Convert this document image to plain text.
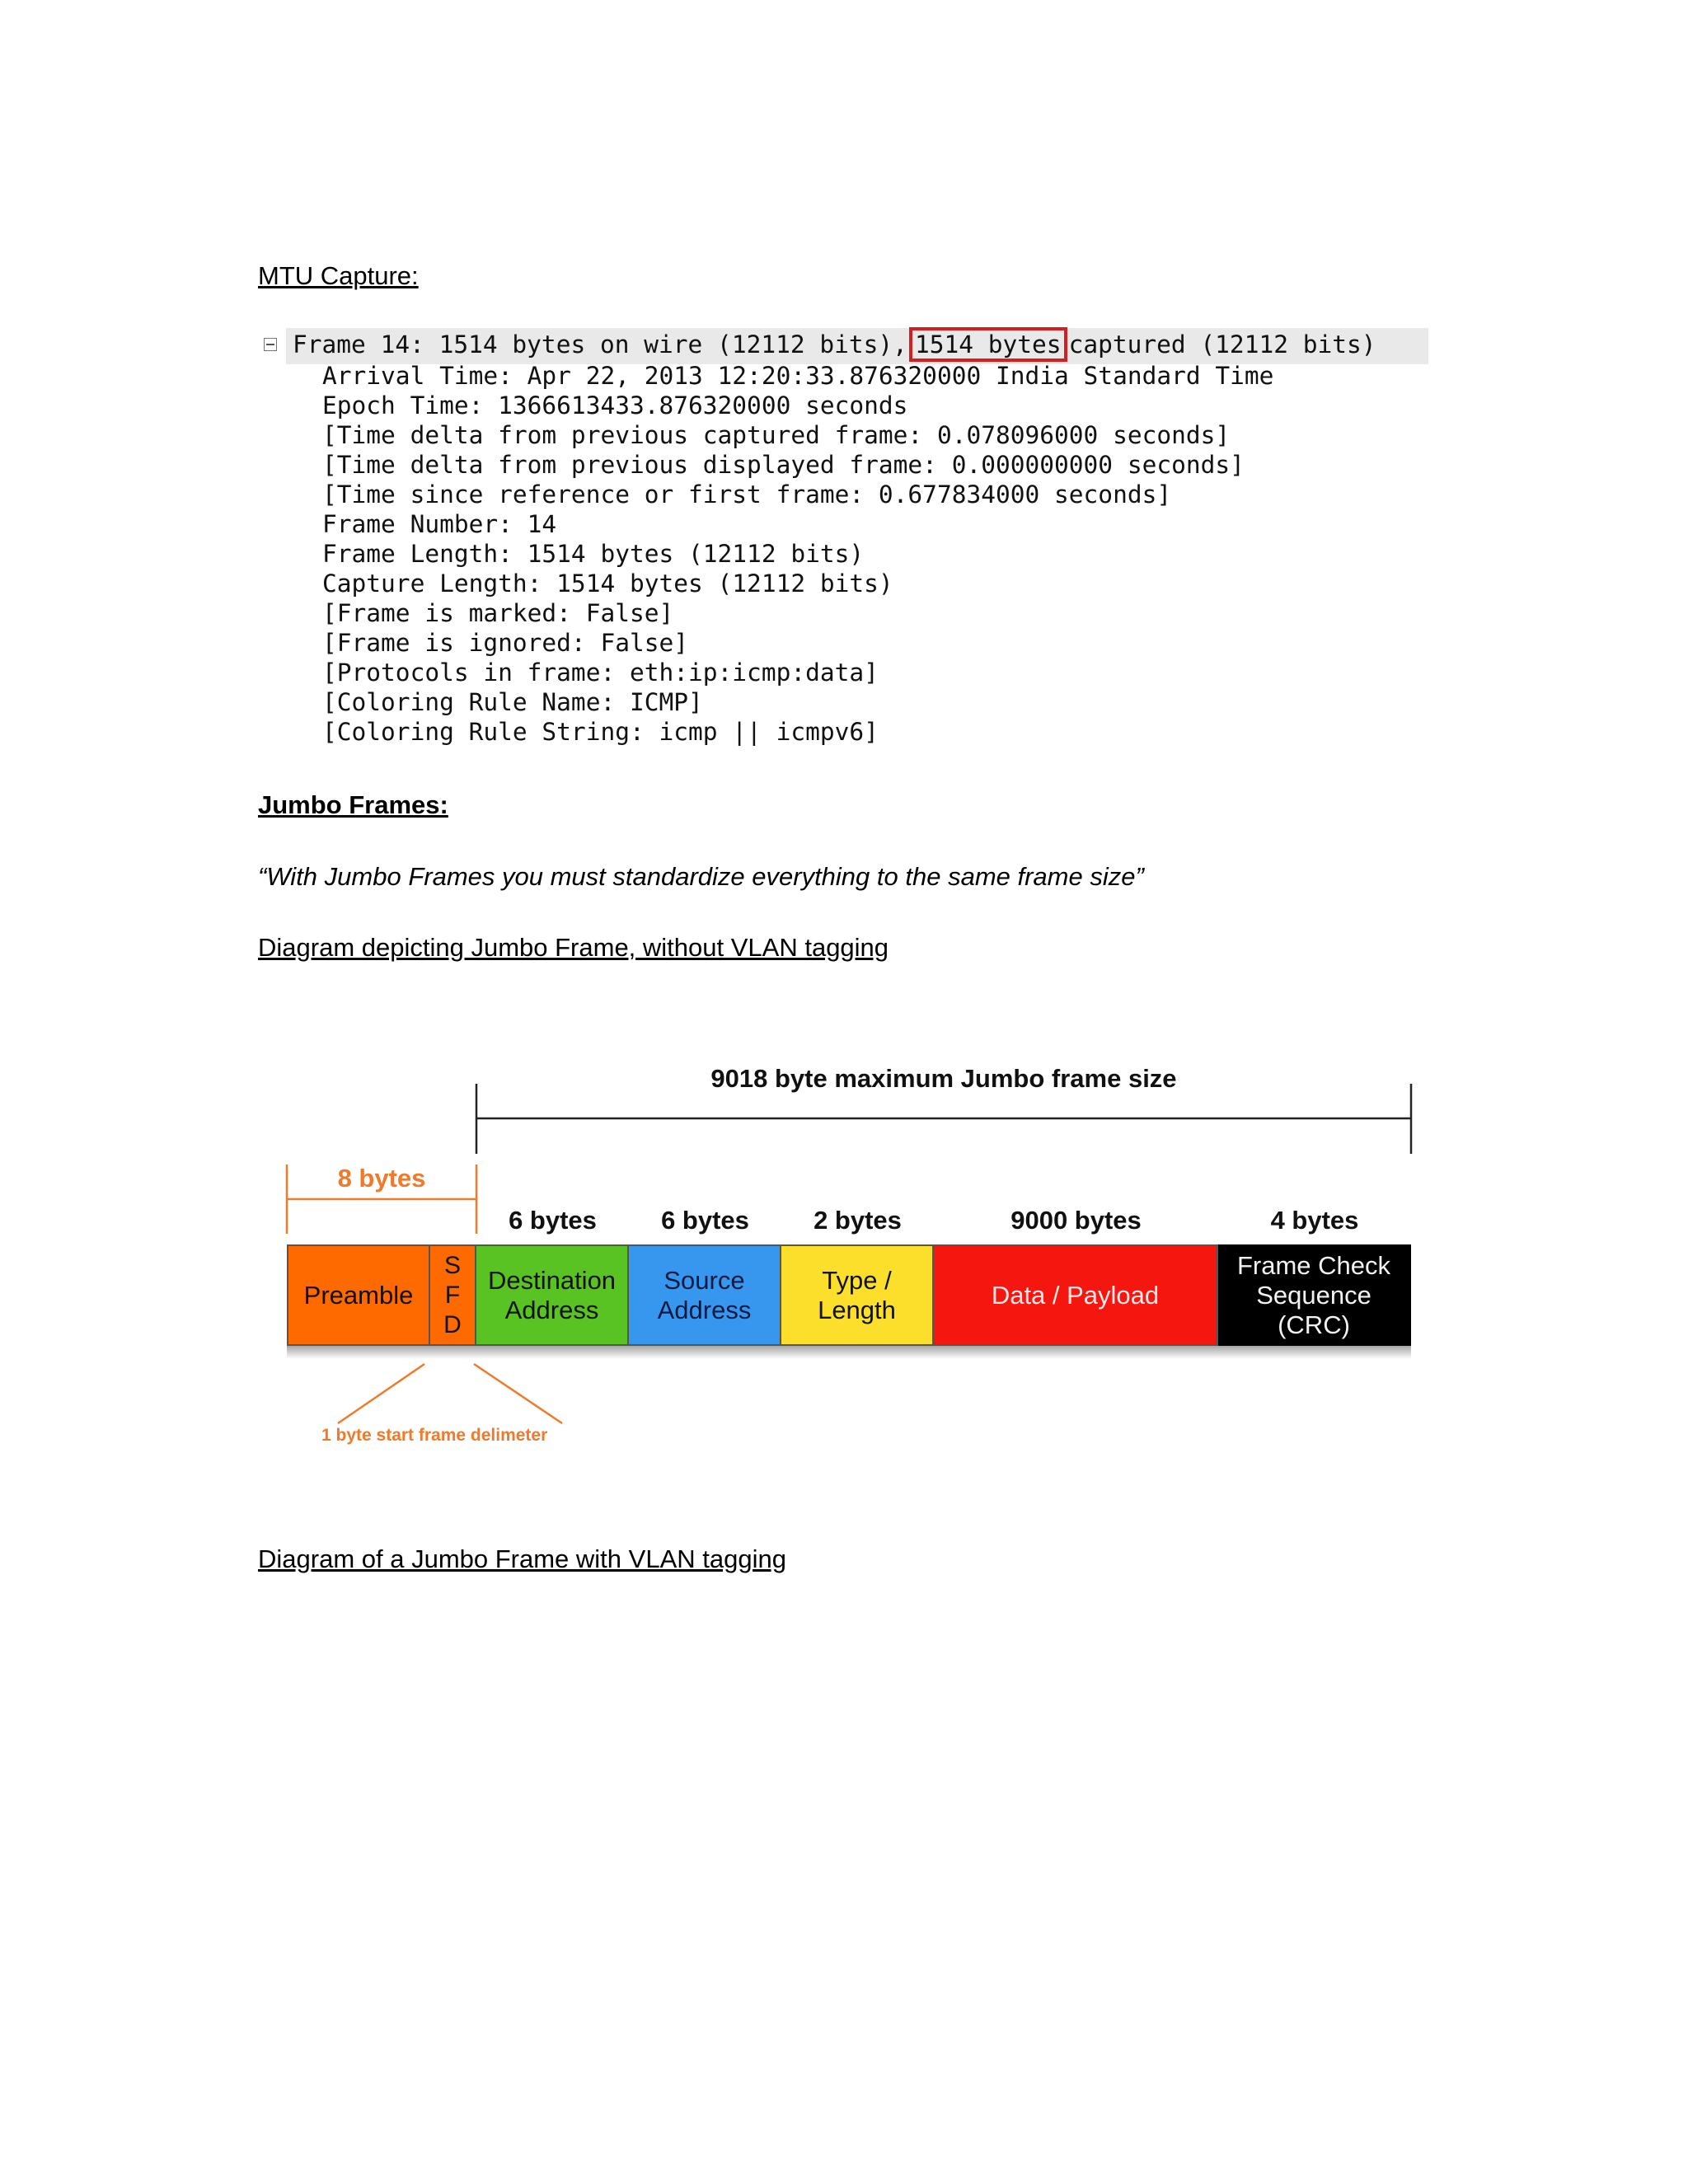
MTU Capture:
Frame 14: 1514 bytes on wire (12112 bits), 1514 bytes captured (12112 bits)
Arrival Time: Apr 22, 2013 12:20:33.876320000 India Standard Time
Epoch Time: 1366613433.876320000 seconds
[Time delta from previous captured frame: 0.078096000 seconds]
[Time delta from previous displayed frame: 0.000000000 seconds]
[Time since reference or first frame: 0.677834000 seconds]
Frame Number: 14
Frame Length: 1514 bytes (12112 bits)
Capture Length: 1514 bytes (12112 bits)
[Frame is marked: False]
[Frame is ignored: False]
[Protocols in frame: eth:ip:icmp:data]
[Coloring Rule Name: ICMP]
[Coloring Rule String: icmp || icmpv6]
Jumbo Frames:
“With Jumbo Frames you must standardize everything to the same frame size”
Diagram depicting Jumbo Frame, without VLAN tagging
9018 byte maximum Jumbo frame size
8 bytes
6 bytes	6 bytes	2 bytes	9000 bytes	4 bytes
Preamble
S F D
Destination Address
Source Address
Type / Length
Data / Payload
Frame Check Sequence (CRC)
1 byte start frame delimeter
Diagram of a Jumbo Frame with VLAN tagging
